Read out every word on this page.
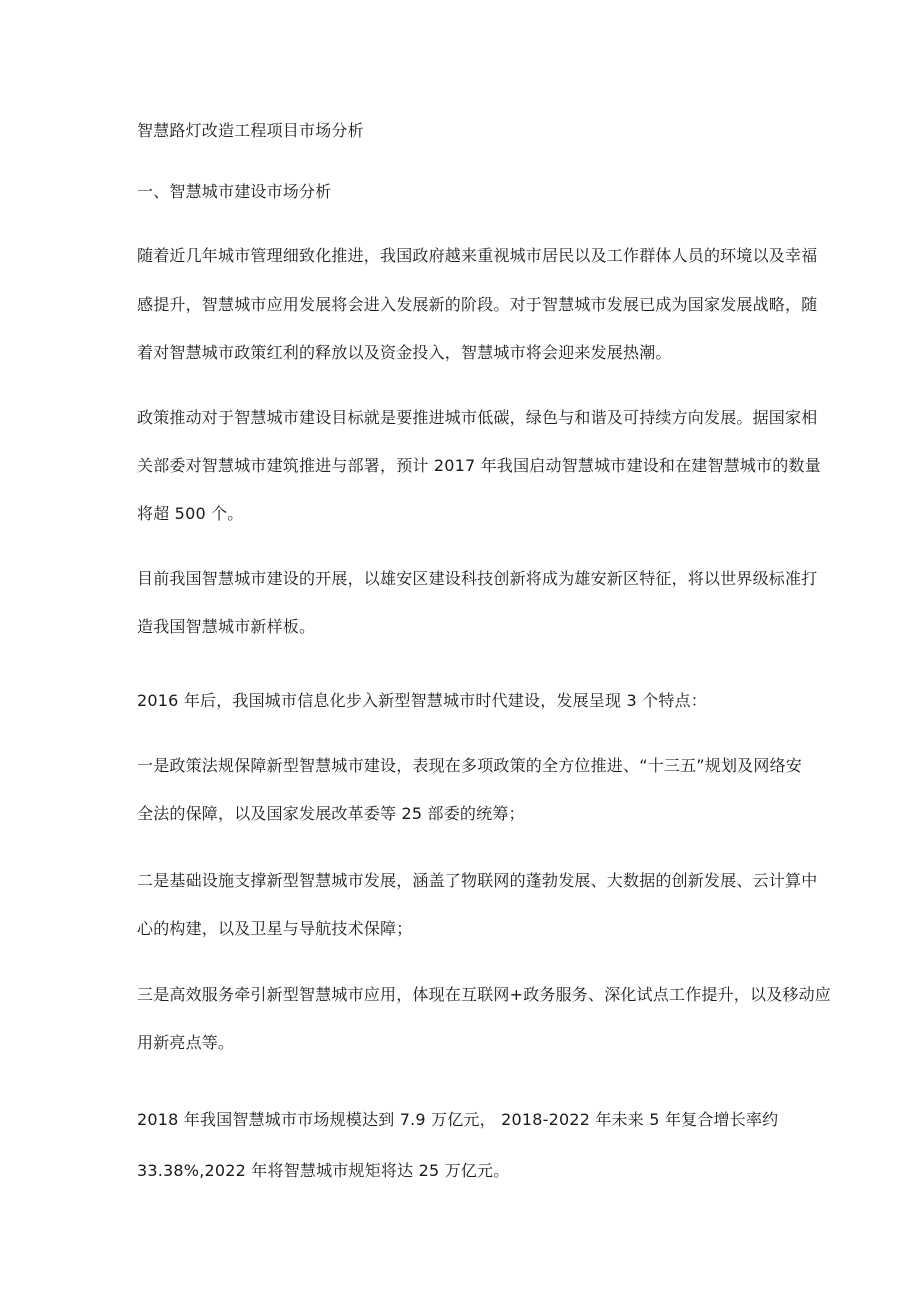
智慧路灯改造工程项目市场分析
一、智慧城市建设市场分析
随着近几年城市管理细致化推进，我国政府越来重视城市居民以及工作群体人员的环境以及幸福
感提升，智慧城市应用发展将会进入发展新的阶段。对于智慧城市发展已成为国家发展战略，随
着对智慧城市政策红利的释放以及资金投入，智慧城市将会迎来发展热潮。
政策推动对于智慧城市建设目标就是要推进城市低碳，绿色与和谐及可持续方向发展。据国家相
关部委对智慧城市建筑推进与部署，预计 2017 年我国启动智慧城市建设和在建智慧城市的数量
将超 500 个。
目前我国智慧城市建设的开展，以雄安区建设科技创新将成为雄安新区特征，将以世界级标准打
造我国智慧城市新样板。
2016 年后，我国城市信息化步入新型智慧城市时代建设，发展呈现 3 个特点：
一是政策法规保障新型智慧城市建设，表现在多项政策的全方位推进、“十三五”规划及网络安
全法的保障，以及国家发展改革委等 25 部委的统筹；
二是基础设施支撑新型智慧城市发展，涵盖了物联网的蓬勃发展、大数据的创新发展、云计算中
心的构建，以及卫星与导航技术保障；
三是高效服务牵引新型智慧城市应用，体现在互联网+政务服务、深化试点工作提升，以及移动应
用新亮点等。
2018 年我国智慧城市市场规模达到 7.9 万亿元， 2018-2022 年未来 5 年复合增长率约
33.38%,2022 年将智慧城市规矩将达 25 万亿元。
